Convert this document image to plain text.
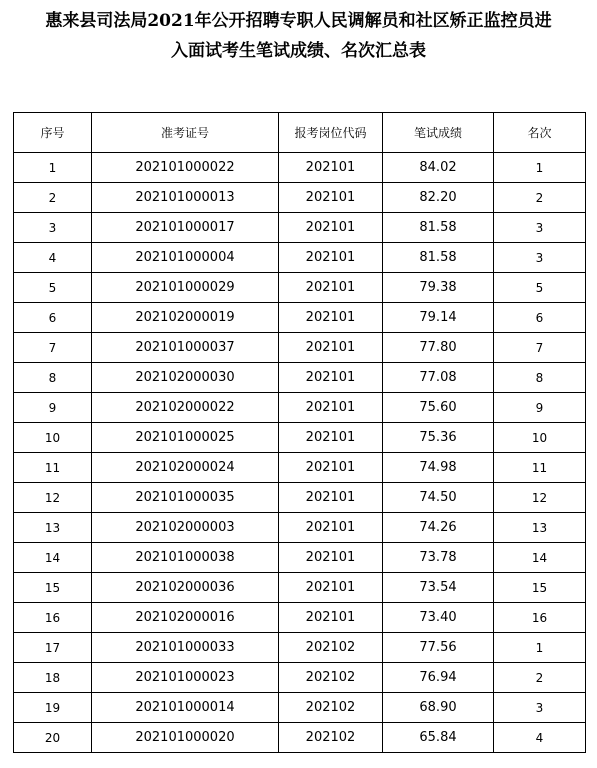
惠来县司法局2021年公开招聘专职人民调解员和社区矫正监控员进
入面试考生笔试成绩、名次汇总表
序号	准考证号	报考岗位代码	笔试成绩	名次
1	202101000022	202101	84.02	1
2	202101000013	202101	82.20	2
3	202101000017	202101	81.58	3
4	202101000004	202101	81.58	3
5	202101000029	202101	79.38	5
6	202102000019	202101	79.14	6
7	202101000037	202101	77.80	7
8	202102000030	202101	77.08	8
9	202102000022	202101	75.60	9
10	202101000025	202101	75.36	10
11	202102000024	202101	74.98	11
12	202101000035	202101	74.50	12
13	202102000003	202101	74.26	13
14	202101000038	202101	73.78	14
15	202102000036	202101	73.54	15
16	202102000016	202101	73.40	16
17	202101000033	202102	77.56	1
18	202101000023	202102	76.94	2
19	202101000014	202102	68.90	3
20	202101000020	202102	65.84	4
